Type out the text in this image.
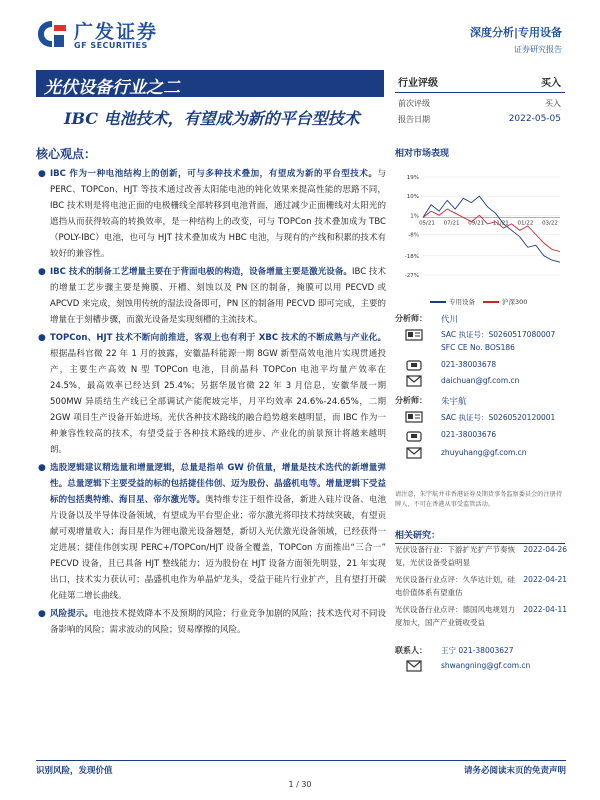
广发证券
GF SECURITIES
深度分析|专用设备
证券研究报告
光伏设备行业之二
IBC 电池技术，有望成为新的平台型技术
行业评级	买入
前次评级	买入
报告日期	2022-05-05
核心观点：
● IBC 作为一种电池结构上的创新，可与多种技术叠加，有望成为新的平台型技术。与 PERC、TOPCon、HJT 等技术通过改善太阳能电池的钝化效果来提高性能的思路不同，IBC 技术则是将电池正面的电极栅线全部转移到电池背面，通过减少正面栅线对太阳光的遮挡从而获得较高的转换效率，是一种结构上的改变，可与 TOPCon 技术叠加成为 TBC（POLY-IBC）电池，也可与 HJT 技术叠加成为 HBC 电池，与现有的产线和积累的技术有较好的兼容性。
● IBC 技术的制备工艺增量主要在于背面电极的构造，设备增量主要是激光设备。IBC 技术的增量工艺步骤主要是掩膜、开槽、刻蚀以及 PN 区的制备，掩膜可以用 PECVD 或 APCVD 来完成，刻蚀用传统的湿法设备即可，PN 区的制备用 PECVD 即可完成，主要的增量在于刻槽步骤，而激光设备是实现刻槽的主流技术。
● TOPCon、HJT 技术不断向前推进，客观上也有利于 XBC 技术的不断成熟与产业化。根据晶科官微 22 年 1 月的披露，安徽晶科能源一期 8GW 新型高效电池片实现贯通投产，主要生产高效 N 型 TOPCon 电池，目前晶科 TOPCon 电池平均量产效率在 24.5%，最高效率已经达到 25.4%；另据华晟官微 22 年 3 月信息，安徽华晟一期 500MW 异质结生产线已全部调试产能爬坡完毕，月平均效率 24.6%-24.65%，二期 2GW 项目生产设备开始进场。光伏各种技术路线的融合趋势越来越明显，而 IBC 作为一种兼容性较高的技术，有望受益于各种技术路线的进步、产业化的前景预计将越来越明朗。
● 选股逻辑建议精选量和增量逻辑，总量是指单 GW 价值量，增量是技术迭代的新增量弹性。总量逻辑下主要受益的标的包括捷佳伟创、迈为股份、晶盛机电等。增量逻辑下受益标的包括奥特维、海目星、帝尔激光等。奥特维专注于组件设备，新进入硅片设备、电池片设备以及半导体设备领域，有望成为平台型企业；帝尔激光将印技术持续突破，有望贡献可观增量收入；海目星作为锂电激光设备翘楚，新切入光伏激光设备领域，已经获得一定进展；捷佳伟创实现 PERC+/TOPCon/HJT 设备全覆盖，TOPCon 方面推出“三合一” PECVD 设备，且已具备 HJT 整线能力；迈为股份在 HJT 设备方面领先明显，21 年实现出口，技术实力获认可；晶盛机电作为单晶炉龙头，受益于硅片行业扩产，且有望打开碳化硅第二增长曲线。
● 风险提示。电池技术提效降本不及预期的风险；行业竞争加剧的风险；技术迭代对不同设备影响的风险；需求波动的风险；贸易摩擦的风险。
相对市场表现
19%
10%
1%
-8%
-18%
-27%
05/21 07/21 09/21 11/21 01/22 03/22
专用设备	沪深300
分析师： 代川
SAC 执证号：S0260517080007
SFC CE No. BOS186
021-38003678
daichuan@gf.com.cn
分析师： 朱宇航
SAC 执证号：S0260520120001
021-38003676
zhuyuhang@gf.com.cn
请注意，朱宇航并非香港证券及期货事务监察委员会的注册持牌人，不可在香港从事受监管活动。
相关研究：
光伏设备行业：下游扩光扩产节奏恢复，光伏设备受益明显
2022-04-26
光伏设备行业点评：久华达计划，硅电价值体系有望重估
2022-04-21
光伏设备行业点评：德国风电规划力度加大，国产产业链收受益
2022-04-11
联系人： 王宁 021-38003627
shwangning@gf.com.cn
识别风险，发现价值	请务必阅读末页的免责声明
1 / 30
